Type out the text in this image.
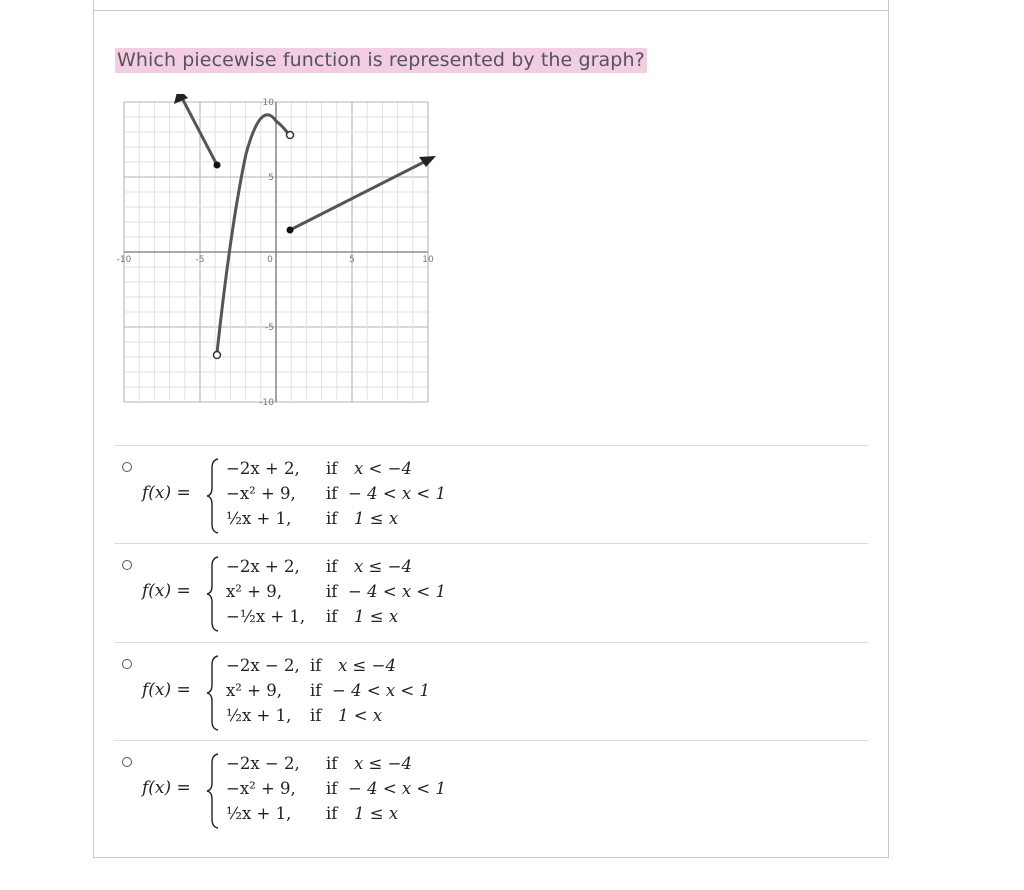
Which piecewise function is represented by the graph?
-10	-5	0	5	10
10
5
-5
-10
f(x) =
−2x + 2, if x < −4
−x² + 9, if − 4 < x < 1
½x + 1, if 1 ≤ x
f(x) =
−2x + 2, if x ≤ −4
x² + 9,	if − 4 < x < 1
−½x + 1, if 1 ≤ x
f(x) =
−2x − 2, if x ≤ −4
x² + 9, if − 4 < x < 1
½x + 1, if 1 < x
f(x) =
−2x − 2, if x ≤ −4
−x² + 9, if − 4 < x < 1
½x + 1, if 1 ≤ x
